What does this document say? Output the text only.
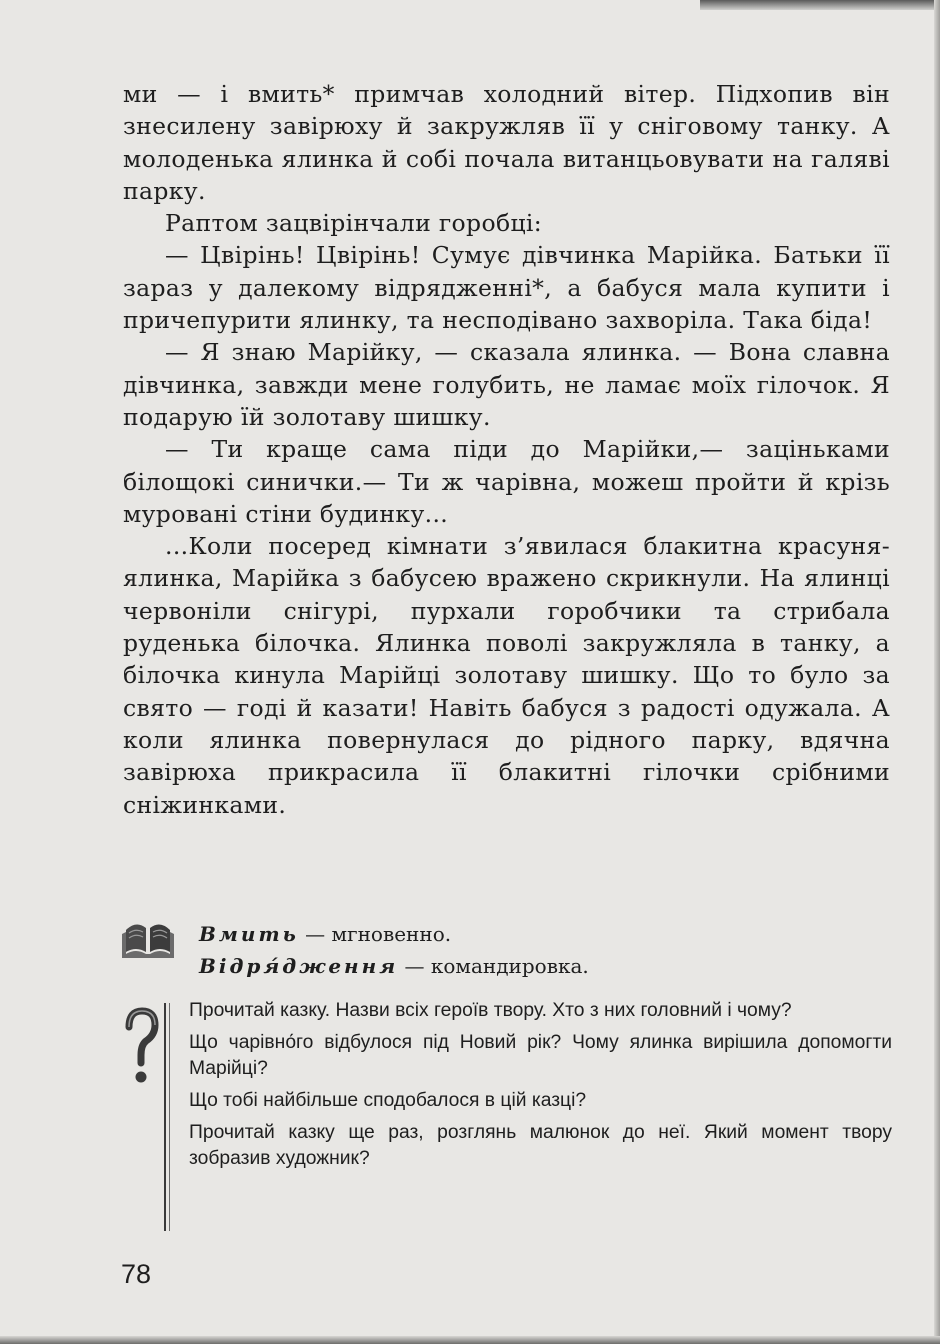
ми — і вмить* примчав холодний вітер. Підхопив він знесилену завірюху й закружляв її у сніговому танку. А молоденька ялинка й собі почала витанцьовувати на галяві парку.

Раптом зацвірінчали горобці:

— Цвірінь! Цвірінь! Сумує дівчинка Марійка. Батьки її зараз у далекому відрядженні*, а бабуся мала купити і причепурити ялинку, та несподівано захворіла. Така біда!

— Я знаю Марійку, — сказала ялинка. — Вона славна дівчинка, завжди мене голубить, не ламає моїх гілочок. Я подарую їй золотаву шишку.

— Ти краще сама піди до Марійки,— заціньками білощокі синички.— Ти ж чарівна, можеш пройти й крізь муровані стіни будинку...

...Коли посеред кімнати з’явилася блакитна красуня-ялинка, Марійка з бабусею вражено скрикнули. На ялинці червоніли снігурі, пурхали горобчики та стрибала руденька білочка. Ялинка поволі закружляла в танку, а білочка кинула Марійці золотаву шишку. Що то було за свято — годі й казати! Навіть бабуся з радості одужала. А коли ялинка повернулася до рідного парку, вдячна завірюха прикрасила її блакитні гілочки срібними сніжинками.

Вмить — мгновенно.
Відря́дження — командировка.
Прочитай казку. Назви всіх героїв твору. Хто з них головний і чому?
Що чарівно́го відбулося під Новий рік? Чому ялинка вирішила допомогти Марійці?
Що тобі найбільше сподобалося в цій казці?
Прочитай казку ще раз, розглянь малюнок до неї. Який момент твору зобразив художник?
78
